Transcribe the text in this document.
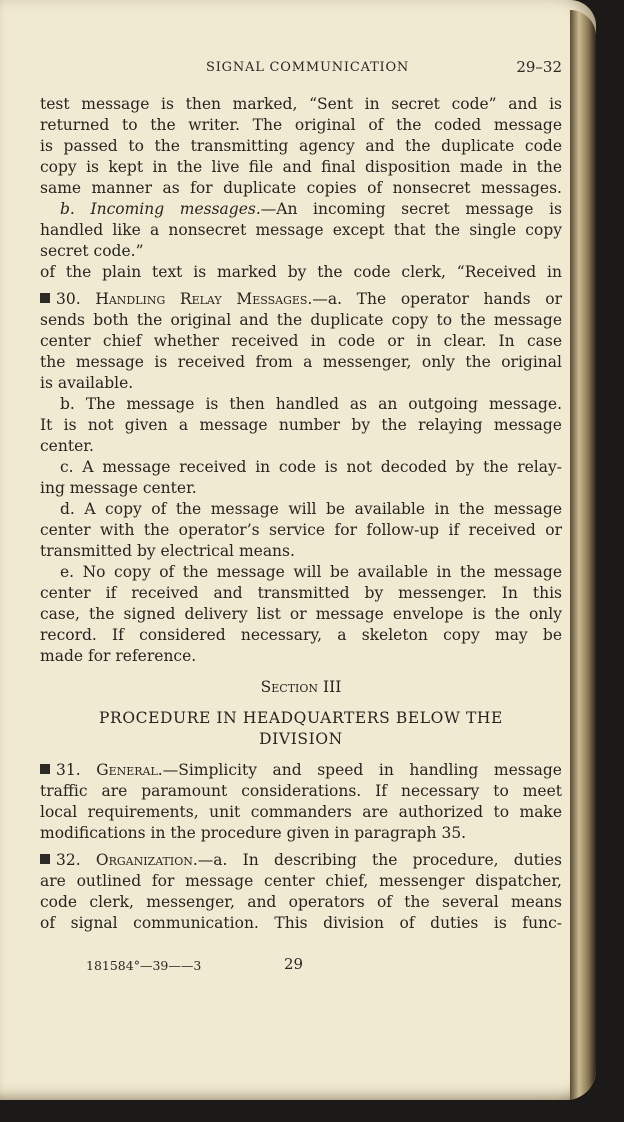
SIGNAL COMMUNICATION	29–32
test message is then marked, “Sent in secret code” and is
returned to the writer. The original of the coded message
is passed to the transmitting agency and the duplicate code
copy is kept in the live file and final disposition made in the
same manner as for duplicate copies of nonsecret messages.
b. Incoming messages.—An incoming secret message is
handled like a nonsecret message except that the single copy
secret code.”
of the plain text is marked by the code clerk, “Received in
30. Handling Relay Messages.—a. The operator hands or
sends both the original and the duplicate copy to the message
center chief whether received in code or in clear. In case
the message is received from a messenger, only the original
is available.
b. The message is then handled as an outgoing message.
It is not given a message number by the relaying message
center.
c. A message received in code is not decoded by the relay-
ing message center.
d. A copy of the message will be available in the message
center with the operator’s service for follow-up if received or
transmitted by electrical means.
e. No copy of the message will be available in the message
center if received and transmitted by messenger. In this
case, the signed delivery list or message envelope is the only
record. If considered necessary, a skeleton copy may be
made for reference.
Section III
PROCEDURE IN HEADQUARTERS BELOW THE
DIVISION
31. General.—Simplicity and speed in handling message
traffic are paramount considerations. If necessary to meet
local requirements, unit commanders are authorized to make
modifications in the procedure given in paragraph 35.
32. Organization.—a. In describing the procedure, duties
are outlined for message center chief, messenger dispatcher,
code clerk, messenger, and operators of the several means
of signal communication. This division of duties is func-
181584°—39——3	29
